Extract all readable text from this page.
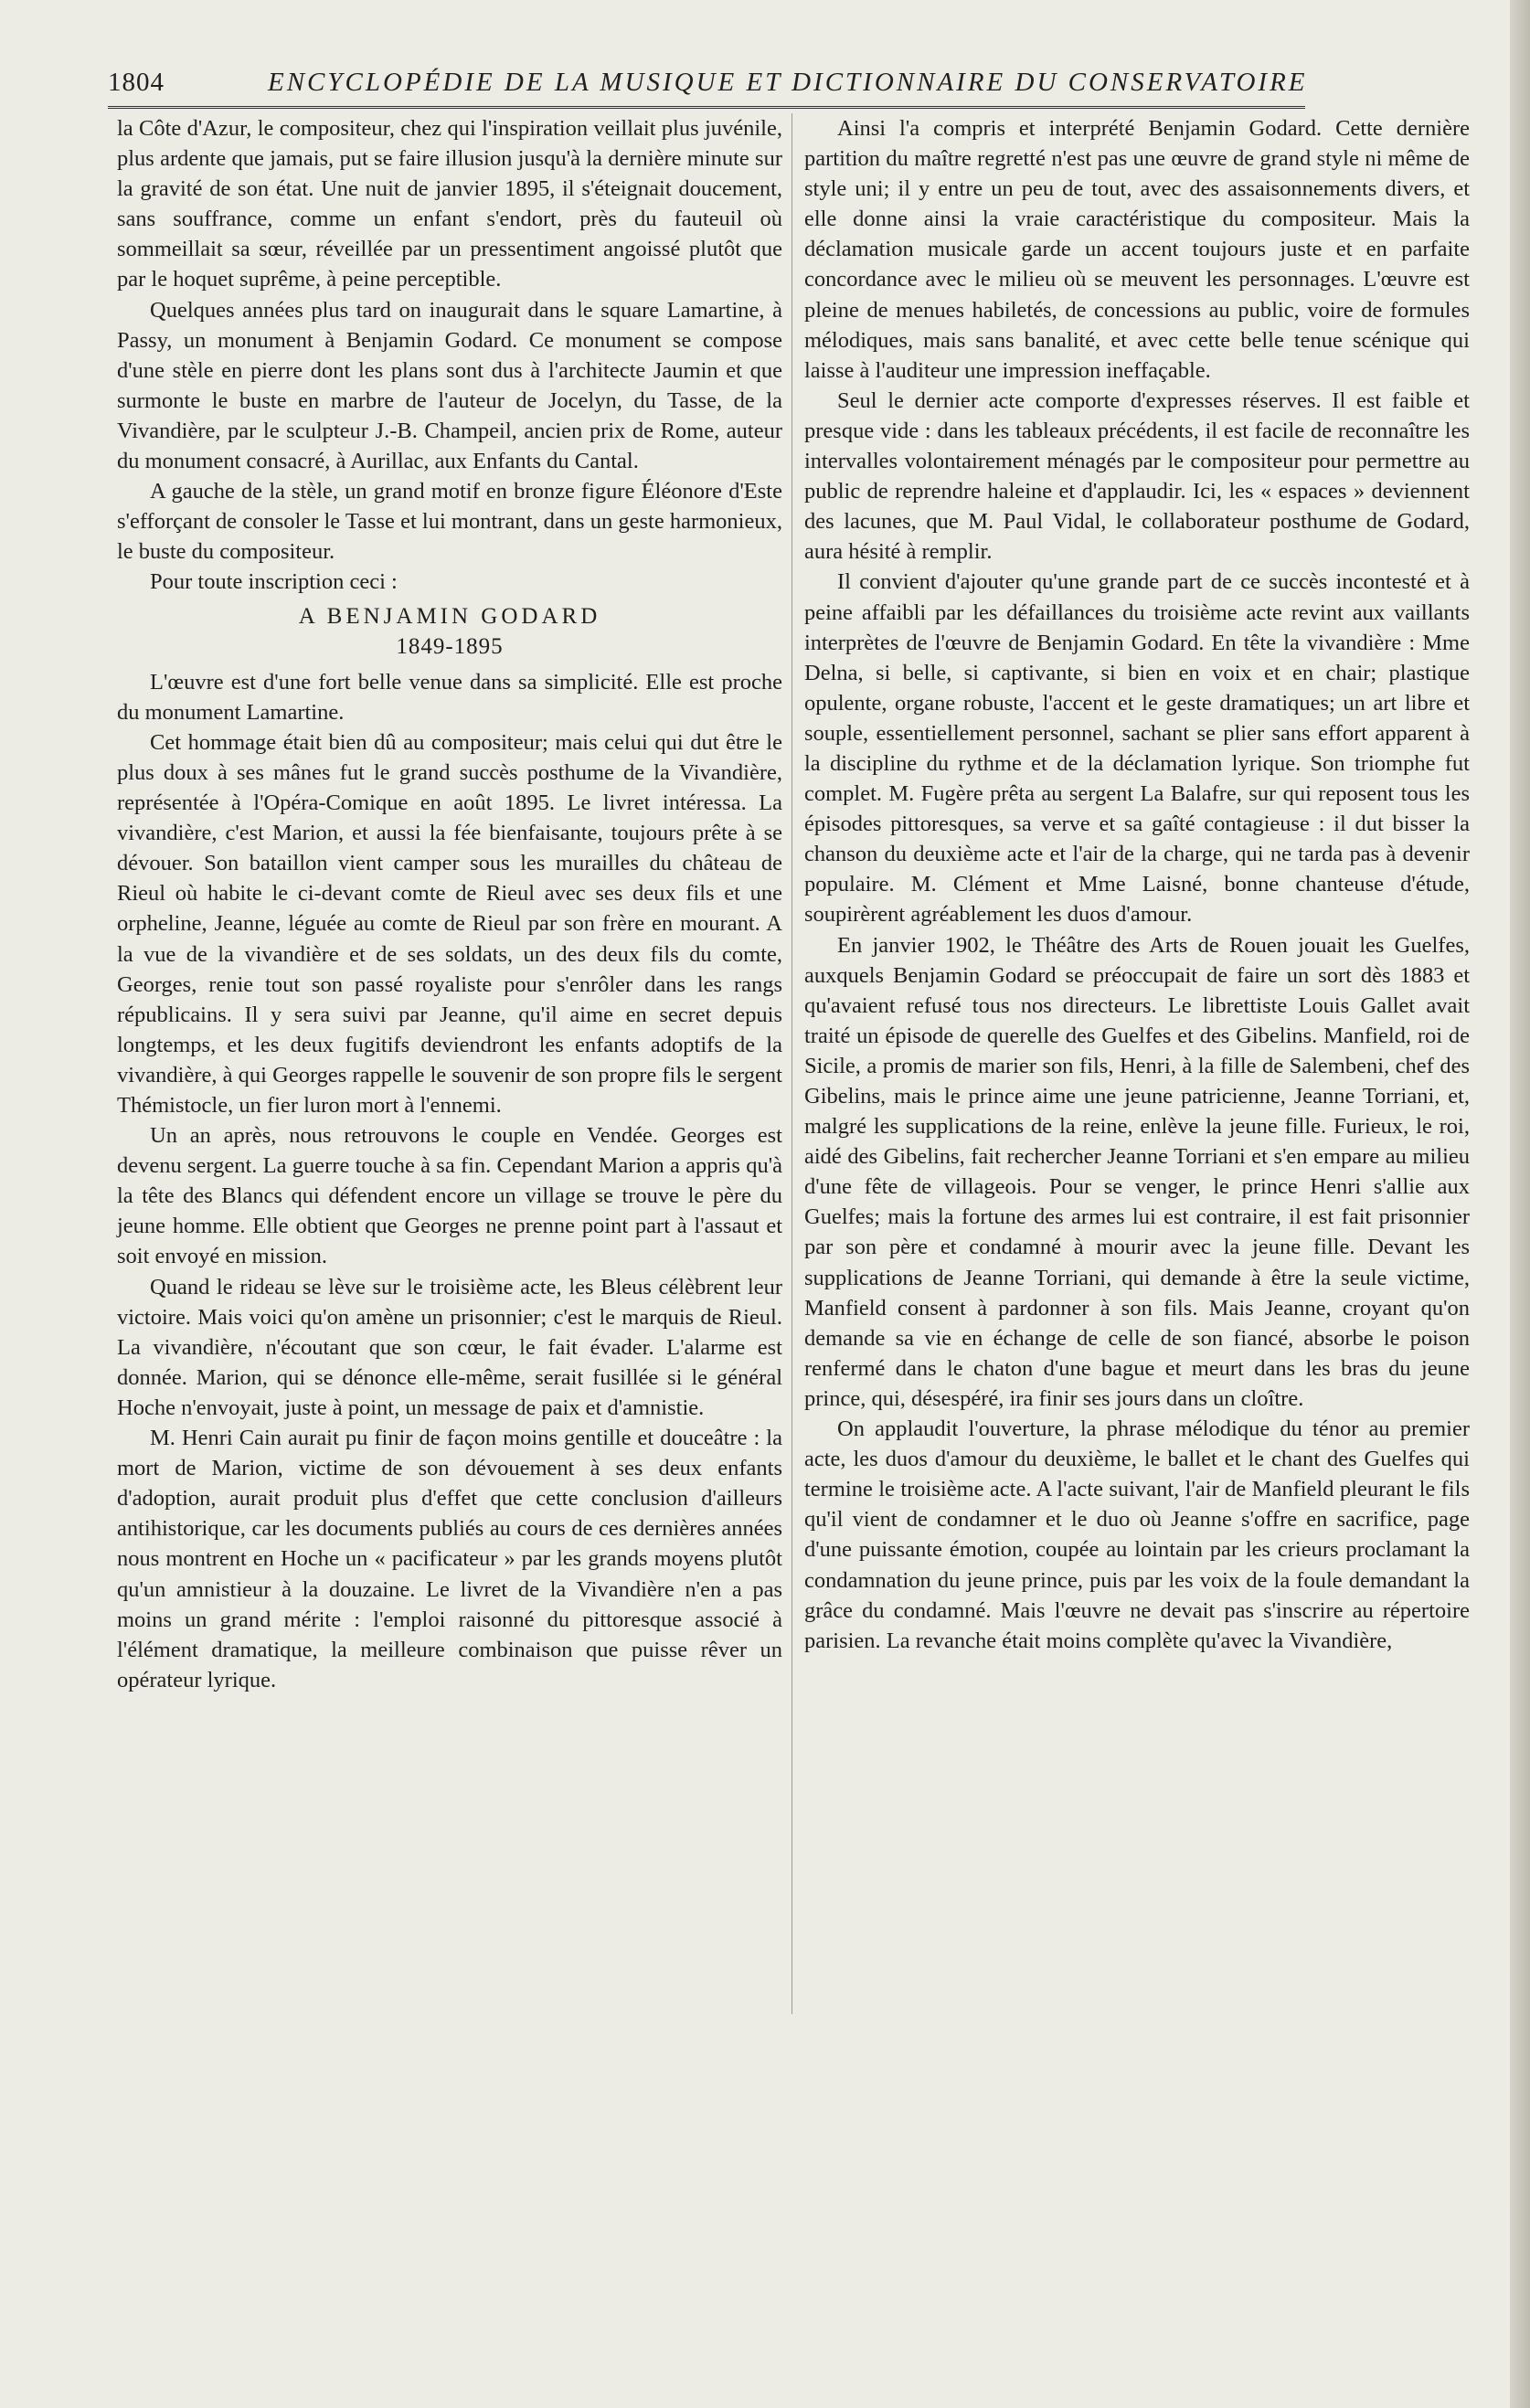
1804	ENCYCLOPÉDIE DE LA MUSIQUE ET DICTIONNAIRE DU CONSERVATOIRE

la Côte d'Azur, le compositeur, chez qui l'inspiration veillait plus juvénile, plus ardente que jamais, put se faire illusion jusqu'à la dernière minute sur la gravité de son état. Une nuit de janvier 1895, il s'éteignait doucement, sans souffrance, comme un enfant s'endort, près du fauteuil où sommeillait sa sœur, réveillée par un pressentiment angoissé plutôt que par le hoquet suprême, à peine perceptible.

Quelques années plus tard on inaugurait dans le square Lamartine, à Passy, un monument à Benjamin Godard. Ce monument se compose d'une stèle en pierre dont les plans sont dus à l'architecte Jaumin et que surmonte le buste en marbre de l'auteur de Jocelyn, du Tasse, de la Vivandière, par le sculpteur J.-B. Champeil, ancien prix de Rome, auteur du monument consacré, à Aurillac, aux Enfants du Cantal.

A gauche de la stèle, un grand motif en bronze figure Éléonore d'Este s'efforçant de consoler le Tasse et lui montrant, dans un geste harmonieux, le buste du compositeur.

Pour toute inscription ceci :

A BENJAMIN GODARD
1849-1895

L'œuvre est d'une fort belle venue dans sa simplicité. Elle est proche du monument Lamartine.

Cet hommage était bien dû au compositeur; mais celui qui dut être le plus doux à ses mânes fut le grand succès posthume de la Vivandière, représentée à l'Opéra-Comique en août 1895. Le livret intéressa. La vivandière, c'est Marion, et aussi la fée bienfaisante, toujours prête à se dévouer. Son bataillon vient camper sous les murailles du château de Rieul où habite le ci-devant comte de Rieul avec ses deux fils et une orpheline, Jeanne, léguée au comte de Rieul par son frère en mourant. A la vue de la vivandière et de ses soldats, un des deux fils du comte, Georges, renie tout son passé royaliste pour s'enrôler dans les rangs républicains. Il y sera suivi par Jeanne, qu'il aime en secret depuis longtemps, et les deux fugitifs deviendront les enfants adoptifs de la vivandière, à qui Georges rappelle le souvenir de son propre fils le sergent Thémistocle, un fier luron mort à l'ennemi.

Un an après, nous retrouvons le couple en Vendée. Georges est devenu sergent. La guerre touche à sa fin. Cependant Marion a appris qu'à la tête des Blancs qui défendent encore un village se trouve le père du jeune homme. Elle obtient que Georges ne prenne point part à l'assaut et soit envoyé en mission.

Quand le rideau se lève sur le troisième acte, les Bleus célèbrent leur victoire. Mais voici qu'on amène un prisonnier; c'est le marquis de Rieul. La vivandière, n'écoutant que son cœur, le fait évader. L'alarme est donnée. Marion, qui se dénonce elle-même, serait fusillée si le général Hoche n'envoyait, juste à point, un message de paix et d'amnistie.

M. Henri Cain aurait pu finir de façon moins gentille et douceâtre : la mort de Marion, victime de son dévouement à ses deux enfants d'adoption, aurait produit plus d'effet que cette conclusion d'ailleurs antihistorique, car les documents publiés au cours de ces dernières années nous montrent en Hoche un « pacificateur » par les grands moyens plutôt qu'un amnistieur à la douzaine. Le livret de la Vivandière n'en a pas moins un grand mérite : l'emploi raisonné du pittoresque associé à l'élément dramatique, la meilleure combinaison que puisse rêver un opérateur lyrique.

Ainsi l'a compris et interprété Benjamin Godard. Cette dernière partition du maître regretté n'est pas une œuvre de grand style ni même de style uni; il y entre un peu de tout, avec des assaisonnements divers, et elle donne ainsi la vraie caractéristique du compositeur. Mais la déclamation musicale garde un accent toujours juste et en parfaite concordance avec le milieu où se meuvent les personnages. L'œuvre est pleine de menues habiletés, de concessions au public, voire de formules mélodiques, mais sans banalité, et avec cette belle tenue scénique qui laisse à l'auditeur une impression ineffaçable.

Seul le dernier acte comporte d'expresses réserves. Il est faible et presque vide : dans les tableaux précédents, il est facile de reconnaître les intervalles volontairement ménagés par le compositeur pour permettre au public de reprendre haleine et d'applaudir. Ici, les « espaces » deviennent des lacunes, que M. Paul Vidal, le collaborateur posthume de Godard, aura hésité à remplir.

Il convient d'ajouter qu'une grande part de ce succès incontesté et à peine affaibli par les défaillances du troisième acte revint aux vaillants interprètes de l'œuvre de Benjamin Godard. En tête la vivandière : Mme Delna, si belle, si captivante, si bien en voix et en chair; plastique opulente, organe robuste, l'accent et le geste dramatiques; un art libre et souple, essentiellement personnel, sachant se plier sans effort apparent à la discipline du rythme et de la déclamation lyrique. Son triomphe fut complet. M. Fugère prêta au sergent La Balafre, sur qui reposent tous les épisodes pittoresques, sa verve et sa gaîté contagieuse : il dut bisser la chanson du deuxième acte et l'air de la charge, qui ne tarda pas à devenir populaire. M. Clément et Mme Laisné, bonne chanteuse d'étude, soupirèrent agréablement les duos d'amour.

En janvier 1902, le Théâtre des Arts de Rouen jouait les Guelfes, auxquels Benjamin Godard se préoccupait de faire un sort dès 1883 et qu'avaient refusé tous nos directeurs. Le librettiste Louis Gallet avait traité un épisode de querelle des Guelfes et des Gibelins. Manfield, roi de Sicile, a promis de marier son fils, Henri, à la fille de Salembeni, chef des Gibelins, mais le prince aime une jeune patricienne, Jeanne Torriani, et, malgré les supplications de la reine, enlève la jeune fille. Furieux, le roi, aidé des Gibelins, fait rechercher Jeanne Torriani et s'en empare au milieu d'une fête de villageois. Pour se venger, le prince Henri s'allie aux Guelfes; mais la fortune des armes lui est contraire, il est fait prisonnier par son père et condamné à mourir avec la jeune fille. Devant les supplications de Jeanne Torriani, qui demande à être la seule victime, Manfield consent à pardonner à son fils. Mais Jeanne, croyant qu'on demande sa vie en échange de celle de son fiancé, absorbe le poison renfermé dans le chaton d'une bague et meurt dans les bras du jeune prince, qui, désespéré, ira finir ses jours dans un cloître.

On applaudit l'ouverture, la phrase mélodique du ténor au premier acte, les duos d'amour du deuxième, le ballet et le chant des Guelfes qui termine le troisième acte. A l'acte suivant, l'air de Manfield pleurant le fils qu'il vient de condamner et le duo où Jeanne s'offre en sacrifice, page d'une puissante émotion, coupée au lointain par les crieurs proclamant la condamnation du jeune prince, puis par les voix de la foule demandant la grâce du condamné. Mais l'œuvre ne devait pas s'inscrire au répertoire parisien. La revanche était moins complète qu'avec la Vivandière,
